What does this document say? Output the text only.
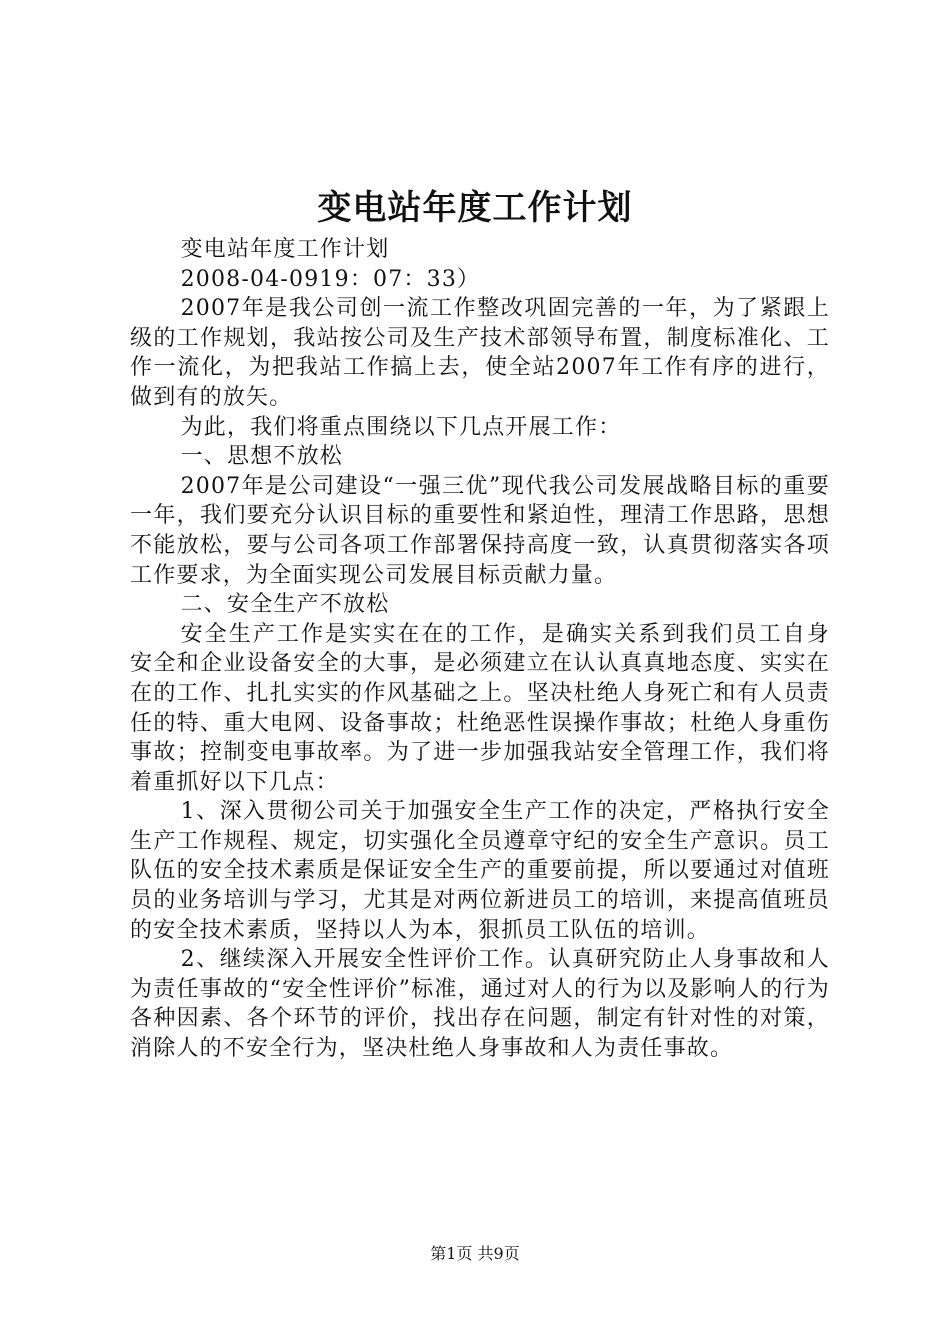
变电站年度工作计划

变电站年度工作计划

2008-04-0919：07：33）

2007年是我公司创一流工作整改巩固完善的一年，为了紧跟上级的工作规划，我站按公司及生产技术部领导布置，制度标准化、工作一流化，为把我站工作搞上去，使全站2007年工作有序的进行，做到有的放矢。

为此，我们将重点围绕以下几点开展工作：

一、思想不放松

2007年是公司建设“一强三优”现代我公司发展战略目标的重要一年，我们要充分认识目标的重要性和紧迫性，理清工作思路，思想不能放松，要与公司各项工作部署保持高度一致，认真贯彻落实各项工作要求，为全面实现公司发展目标贡献力量。

二、安全生产不放松

安全生产工作是实实在在的工作，是确实关系到我们员工自身安全和企业设备安全的大事，是必须建立在认认真真地态度、实实在在的工作、扎扎实实的作风基础之上。坚决杜绝人身死亡和有人员责任的特、重大电网、设备事故；杜绝恶性误操作事故；杜绝人身重伤事故；控制变电事故率。为了进一步加强我站安全管理工作，我们将着重抓好以下几点：

1、深入贯彻公司关于加强安全生产工作的决定，严格执行安全生产工作规程、规定，切实强化全员遵章守纪的安全生产意识。员工队伍的安全技术素质是保证安全生产的重要前提，所以要通过对值班员的业务培训与学习，尤其是对两位新进员工的培训，来提高值班员的安全技术素质，坚持以人为本，狠抓员工队伍的培训。

2、继续深入开展安全性评价工作。认真研究防止人身事故和人为责任事故的“安全性评价”标准，通过对人的行为以及影响人的行为各种因素、各个环节的评价，找出存在问题，制定有针对性的对策，消除人的不安全行为，坚决杜绝人身事故和人为责任事故。

第1页 共9页
